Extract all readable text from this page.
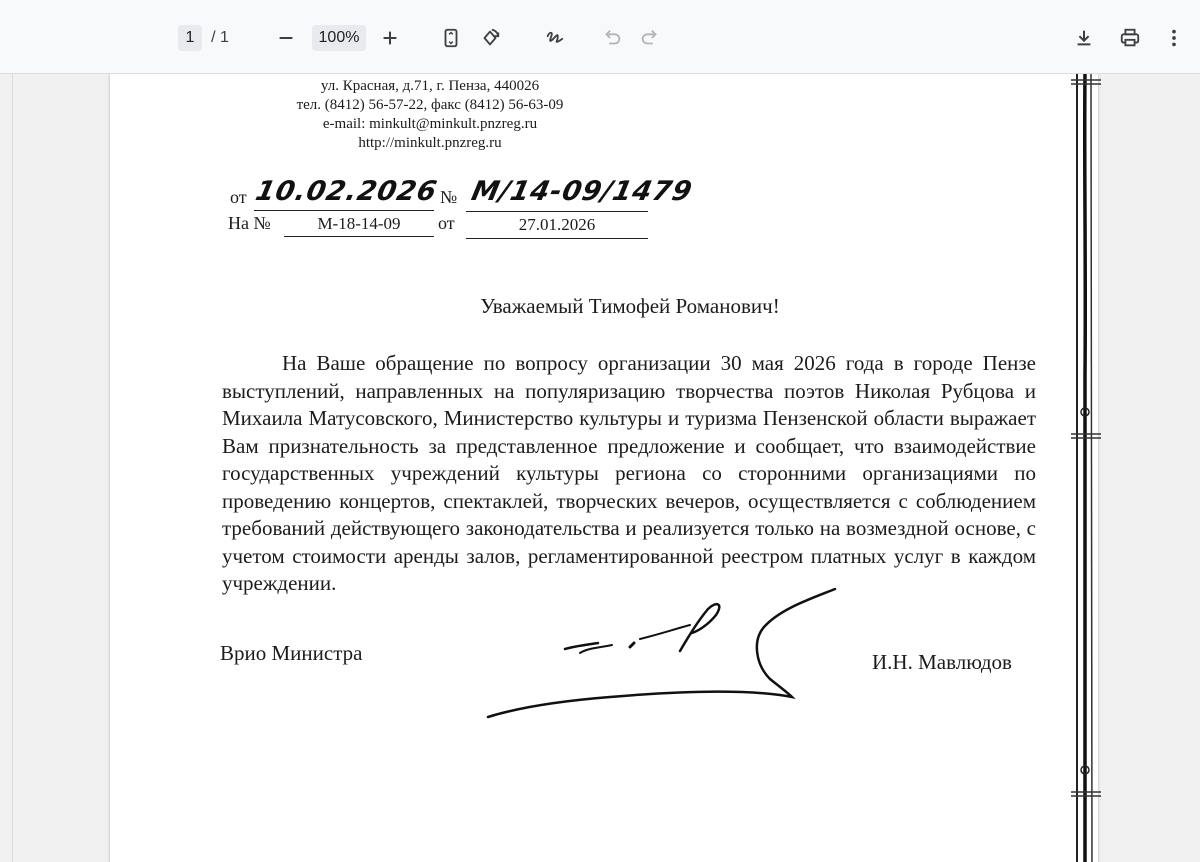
1	/
1	100%
ул. Красная, д.71, г. Пенза, 440026
тел. (8412) 56-57-22, факс (8412) 56-63-09
e-mail: minkult@minkult.pnzreg.ru
http://minkult.pnzreg.ru
от 10.02.2026 № М/14-09/1479
На №	М-18-14-09	от	27.01.2026
Уважаемый Тимофей Романович!

На Ваше обращение по вопросу организации 30 мая 2026 года в городе Пензе выступлений, направленных на популяризацию творчества поэтов Николая Рубцова и Михаила Матусовского, Министерство культуры и туризма Пензенской области выражает Вам признательность за представленное предложение и сообщает, что взаимодействие государственных учреждений культуры региона со сторонними организациями по проведению концертов, спектаклей, творческих вечеров, осуществляется с соблюдением требований действующего законодательства и реализуется только на возмездной основе, с учетом стоимости аренды залов, регламентированной реестром платных услуг в каждом учреждении.

Врио Министра	И.Н. Мавлюдов
